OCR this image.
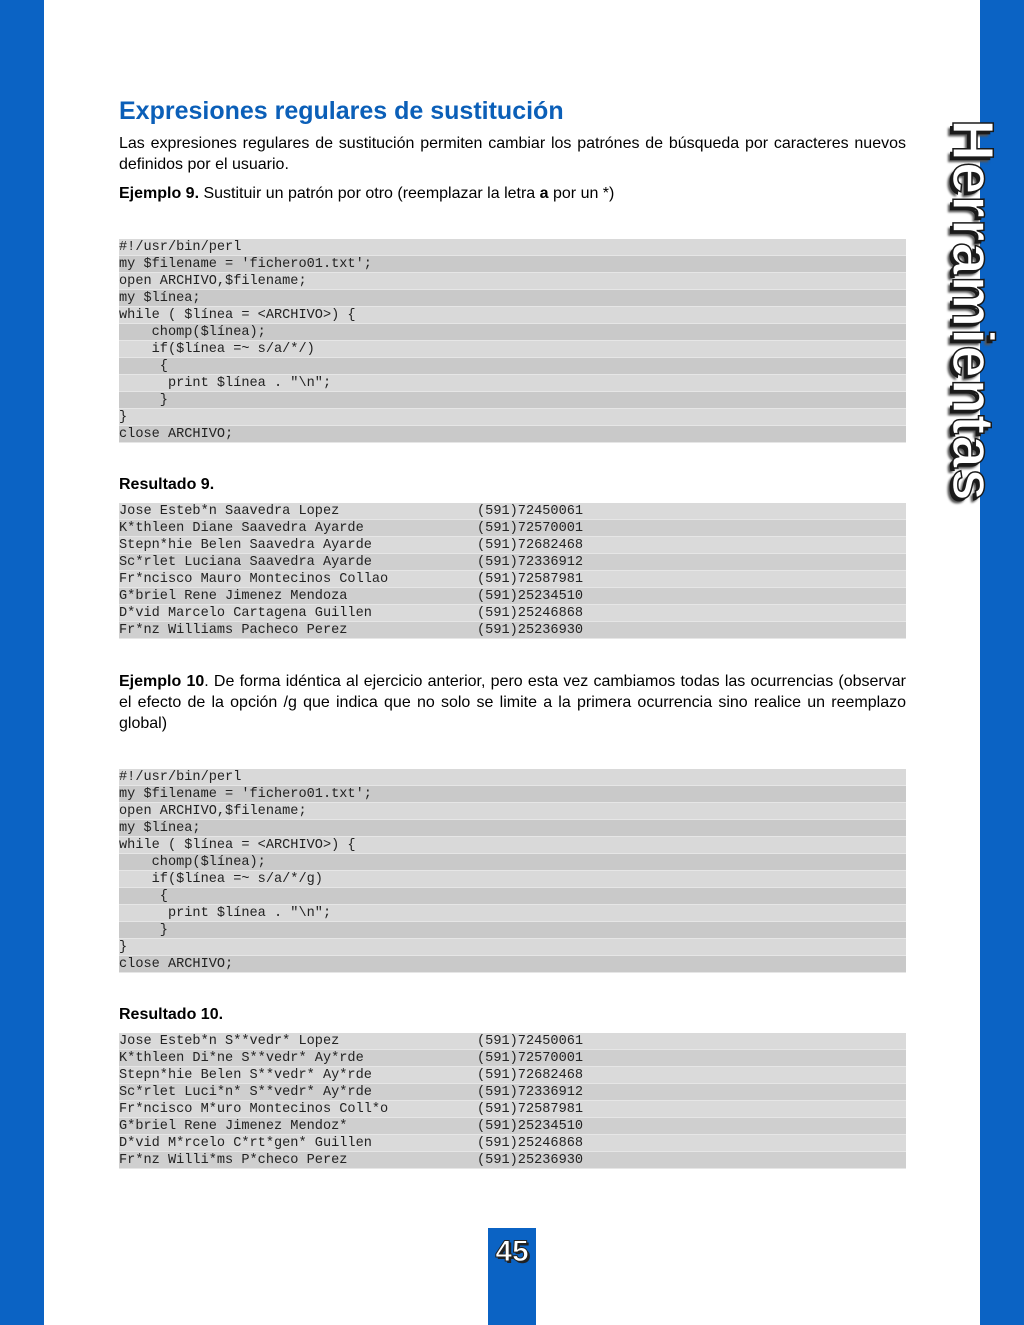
Herramientas
Expresiones regulares de sustitución

Las expresiones regulares de sustitución permiten cambiar los patrónes de búsqueda por caracteres nuevos definidos por el usuario.

Ejemplo 9. Sustituir un patrón por otro (reemplazar la letra a por un *)

#!/usr/bin/perl
my $filename = 'fichero01.txt';
open ARCHIVO,$filename;
my $línea;
while ( $línea = <ARCHIVO>) {
chomp($línea);
if($línea =~ s/a/*/)
{
print $línea . "\n";
}
}
close ARCHIVO;
Resultado 9.
Jose Esteb*n Saavedra Lopez	(591)72450061
K*thleen Diane Saavedra Ayarde	(591)72570001
Stepn*hie Belen Saavedra Ayarde	(591)72682468
Sc*rlet Luciana Saavedra Ayarde	(591)72336912
Fr*ncisco Mauro Montecinos Collao	(591)72587981
G*briel Rene Jimenez Mendoza	(591)25234510
D*vid Marcelo Cartagena Guillen	(591)25246868
Fr*nz Williams Pacheco Perez	(591)25236930

Ejemplo 10. De forma idéntica al ejercicio anterior, pero esta vez cambiamos todas las ocurrencias (observar el efecto de la opción /g que indica que no solo se limite a la primera ocurrencia sino realice un reemplazo global)

#!/usr/bin/perl
my $filename = 'fichero01.txt';
open ARCHIVO,$filename;
my $línea;
while ( $línea = <ARCHIVO>) {
chomp($línea);
if($línea =~ s/a/*/g)
{
print $línea . "\n";
}
}
close ARCHIVO;
Resultado 10.
Jose Esteb*n S**vedr* Lopez	(591)72450061
K*thleen Di*ne S**vedr* Ay*rde	(591)72570001
Stepn*hie Belen S**vedr* Ay*rde	(591)72682468
Sc*rlet Luci*n* S**vedr* Ay*rde	(591)72336912
Fr*ncisco M*uro Montecinos Coll*o	(591)72587981
G*briel Rene Jimenez Mendoz*	(591)25234510
D*vid M*rcelo C*rt*gen* Guillen	(591)25246868
Fr*nz Willi*ms P*checo Perez	(591)25236930
45
